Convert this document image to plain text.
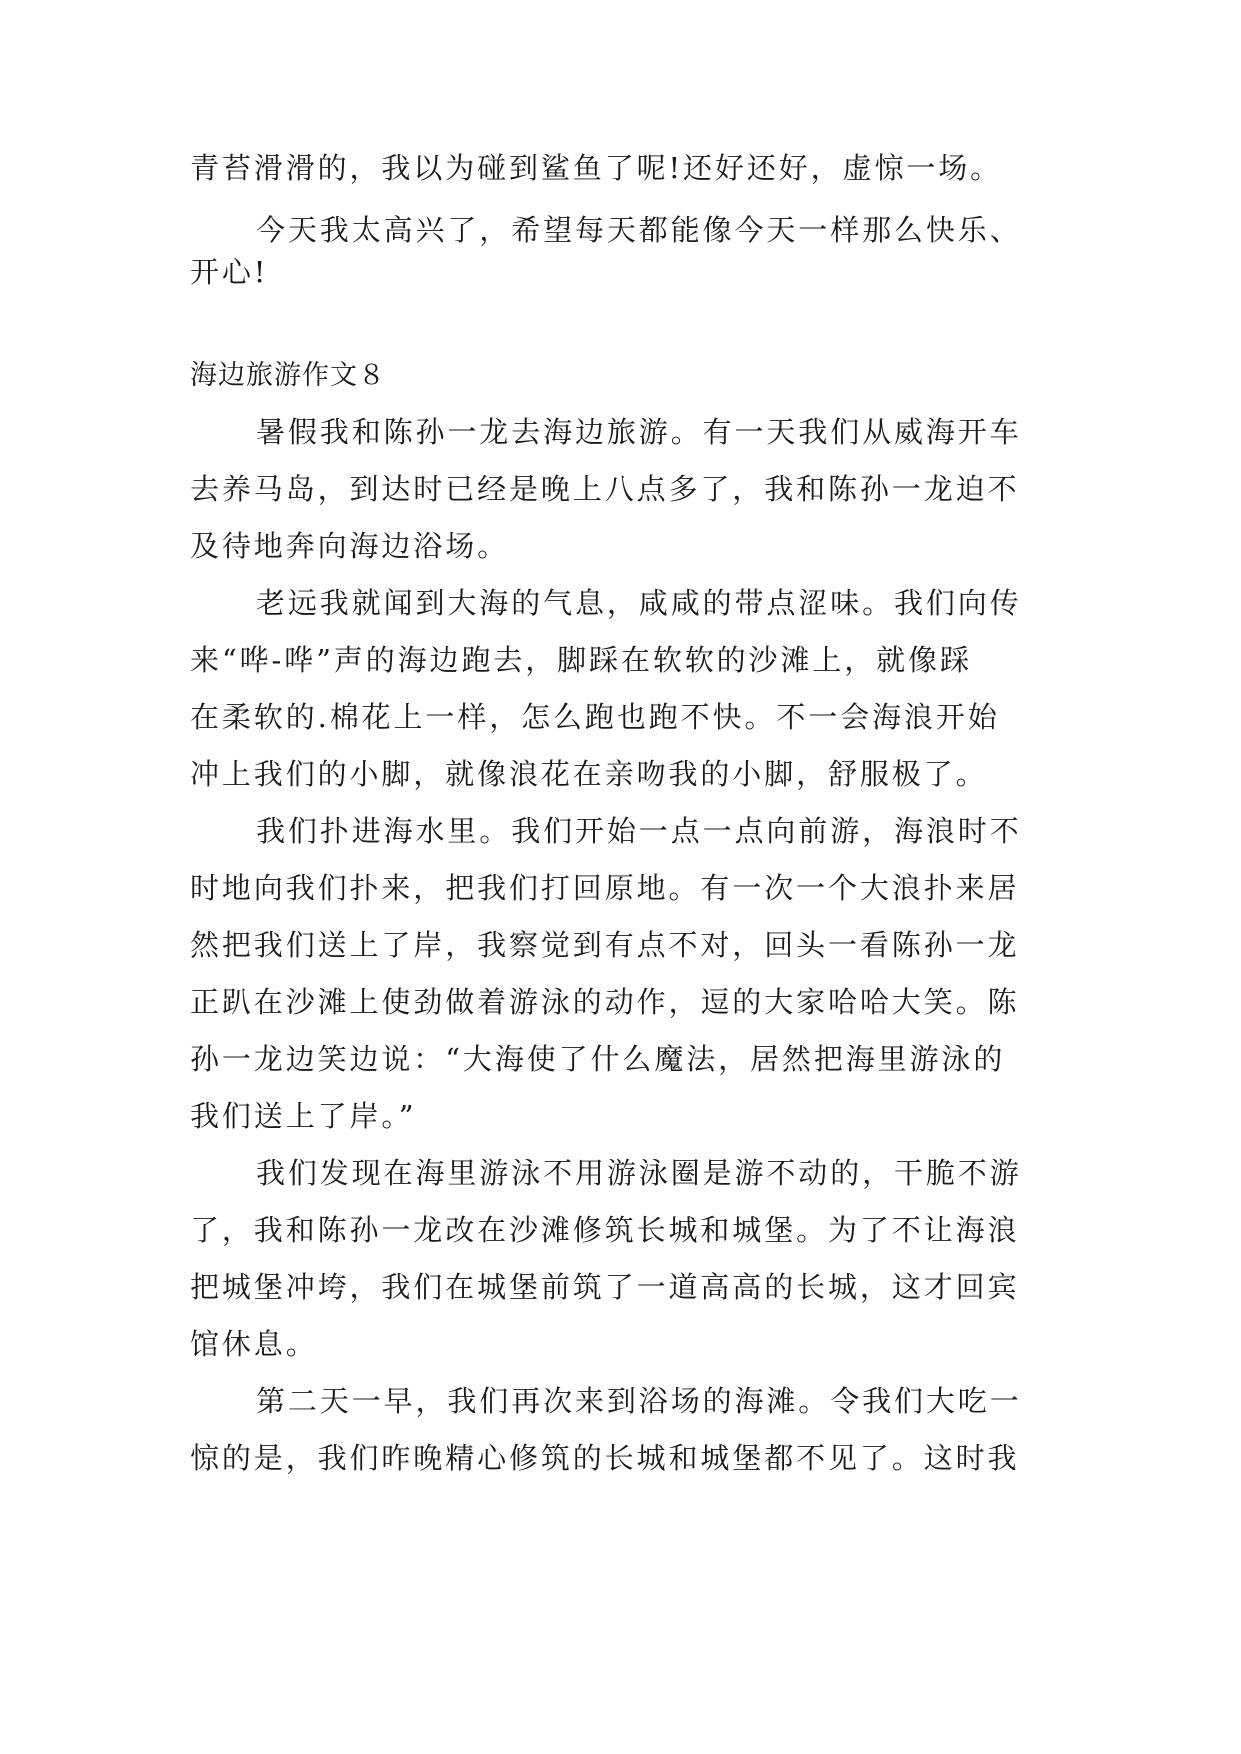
青苔滑滑的，我以为碰到鲨鱼了呢!还好还好，虚惊一场。
今天我太高兴了，希望每天都能像今天一样那么快乐、
开心!
海边旅游作文８
暑假我和陈孙一龙去海边旅游。有一天我们从威海开车
去养马岛，到达时已经是晚上八点多了，我和陈孙一龙迫不
及待地奔向海边浴场。
老远我就闻到大海的气息，咸咸的带点涩味。我们向传
来“哗-哗”声的海边跑去，脚踩在软软的沙滩上，就像踩
在柔软的.棉花上一样，怎么跑也跑不快。不一会海浪开始
冲上我们的小脚，就像浪花在亲吻我的小脚，舒服极了。
我们扑进海水里。我们开始一点一点向前游，海浪时不
时地向我们扑来，把我们打回原地。有一次一个大浪扑来居
然把我们送上了岸，我察觉到有点不对，回头一看陈孙一龙
正趴在沙滩上使劲做着游泳的动作，逗的大家哈哈大笑。陈
孙一龙边笑边说：“大海使了什么魔法，居然把海里游泳的
我们送上了岸。”
我们发现在海里游泳不用游泳圈是游不动的，干脆不游
了，我和陈孙一龙改在沙滩修筑长城和城堡。为了不让海浪
把城堡冲垮，我们在城堡前筑了一道高高的长城，这才回宾
馆休息。
第二天一早，我们再次来到浴场的海滩。令我们大吃一
惊的是，我们昨晚精心修筑的长城和城堡都不见了。这时我
